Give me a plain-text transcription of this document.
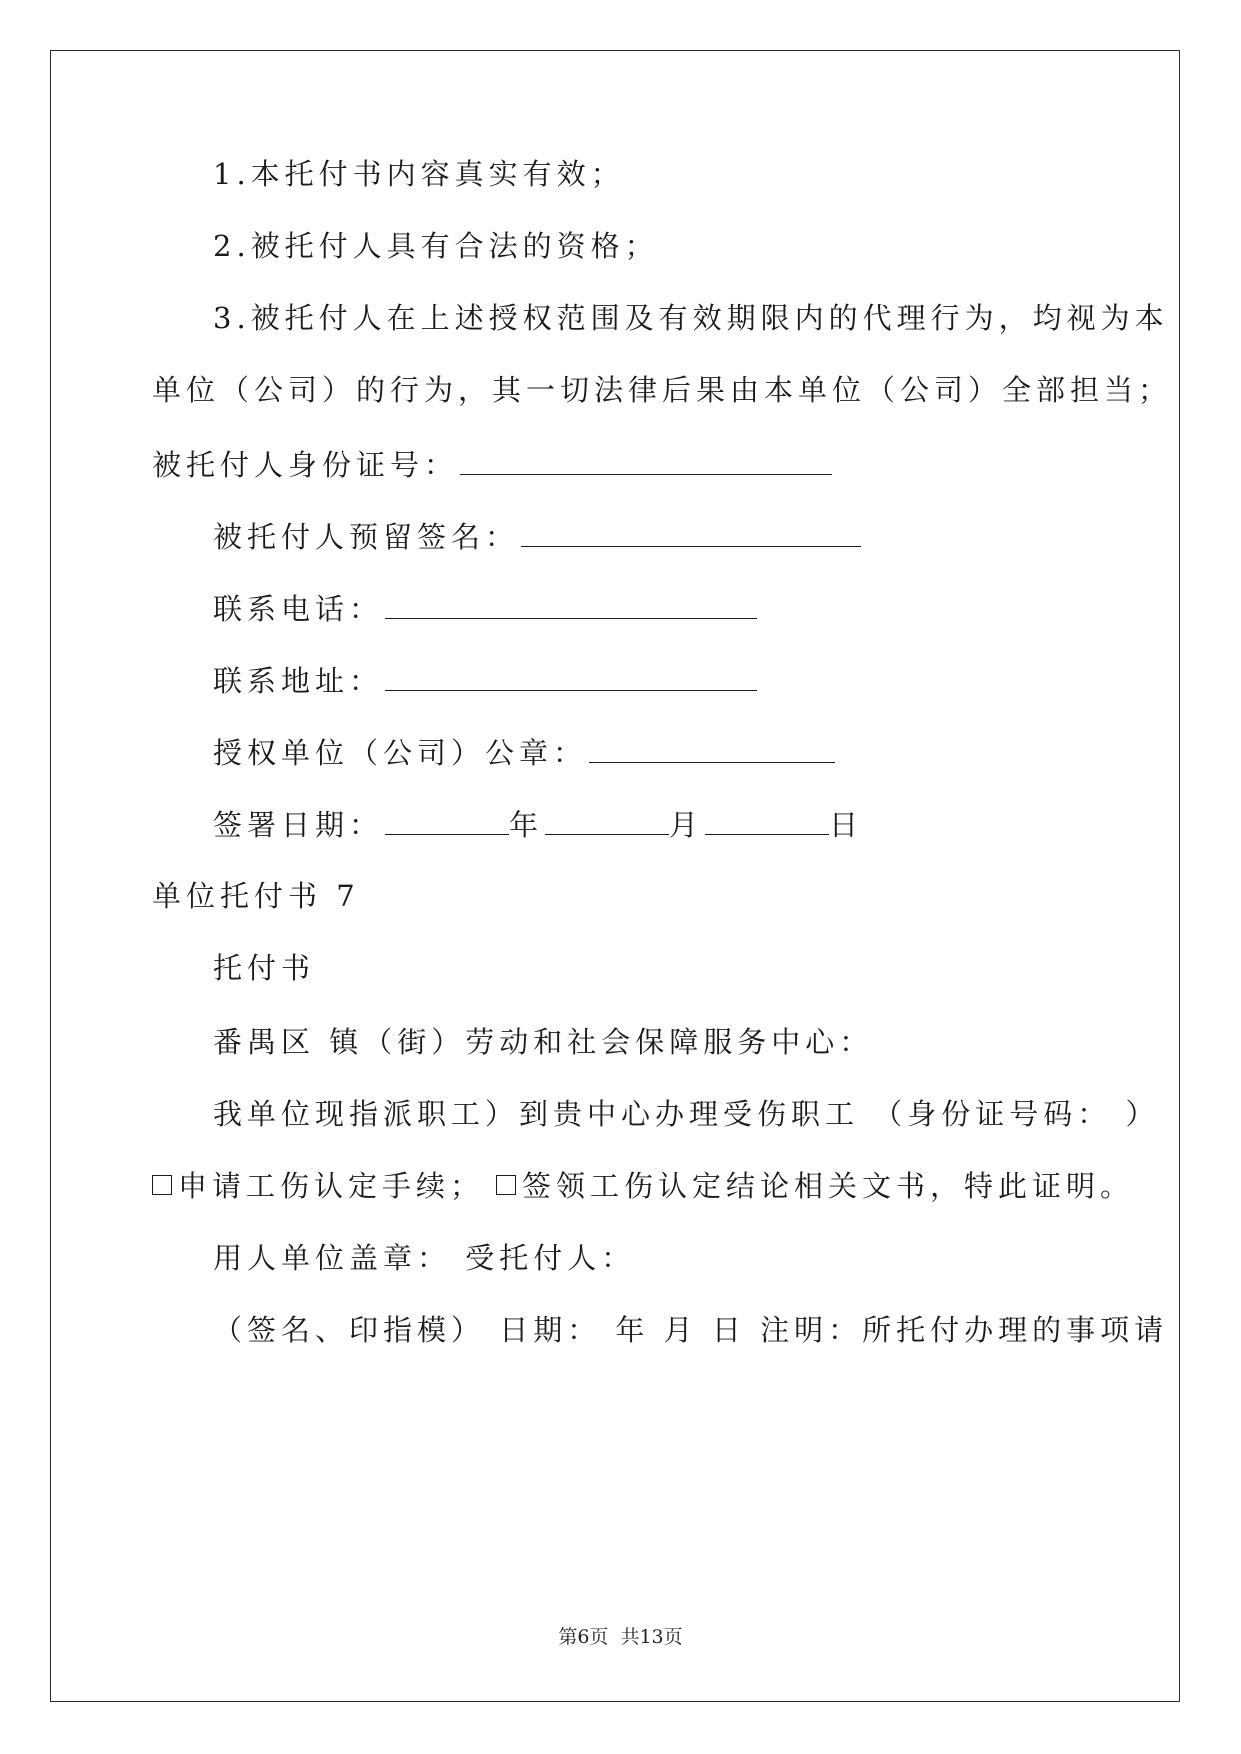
1.本托付书内容真实有效；
2.被托付人具有合法的资格；
3.被托付人在上述授权范围及有效期限内的代理行为，均视为本
单位（公司）的行为，其一切法律后果由本单位（公司）全部担当；
被托付人身份证号：
被托付人预留签名：
联系电话：
联系地址：
授权单位（公司）公章：
签署日期：	年	月	日
单位托付书 7
托付书
番禺区 镇（街）劳动和社会保障服务中心：
我单位现指派职工）到贵中心办理受伤职工 （身份证号码： ）
申请工伤认定手续； 签领工伤认定结论相关文书，特此证明。
用人单位盖章： 受托付人：
（签名、印指模） 日期： 年 月 日 注明：所托付办理的事项请
第6页 共13页
